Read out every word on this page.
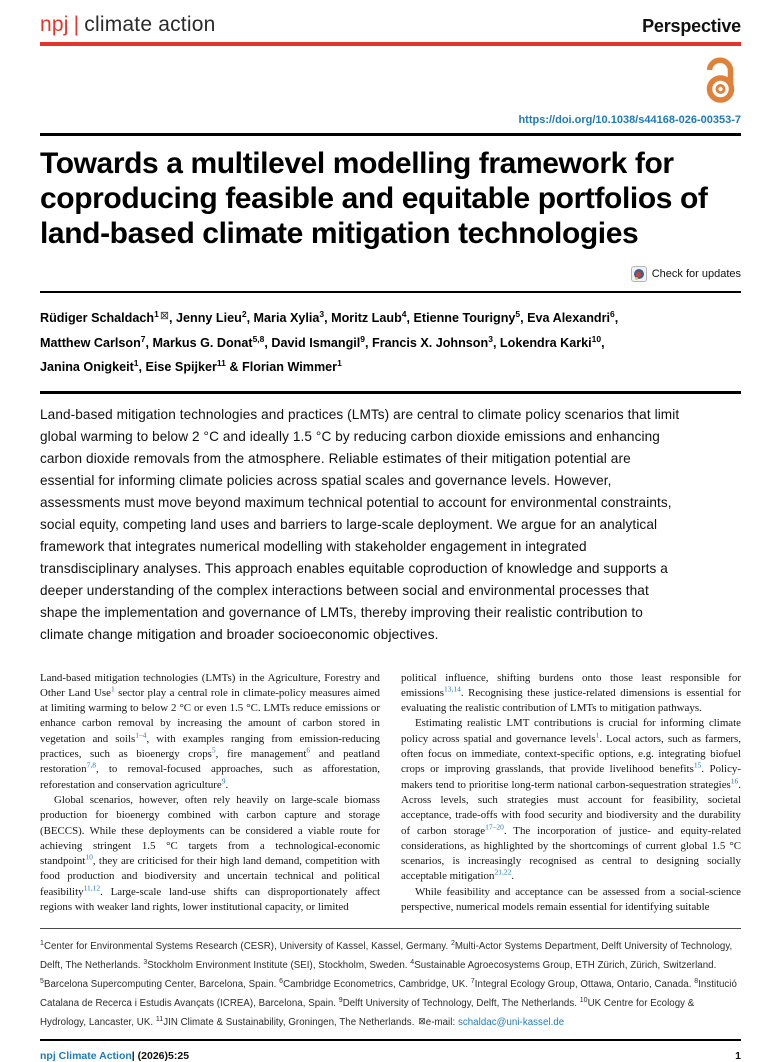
npj | climate action	Perspective
https://doi.org/10.1038/s44168-026-00353-7
Towards a multilevel modelling framework for coproducing feasible and equitable portfolios of land-based climate mitigation technologies
Check for updates
Rüdiger Schaldach$^1$⊠, Jenny Lieu$^2$, Maria Xylia$^3$, Moritz Laub$^4$, Etienne Tourigny$^5$, Eva Alexandri$^6$,
Matthew Carlson$^7$, Markus G. Donat$^{5,8}$, David Ismangil$^9$, Francis X. Johnson$^3$, Lokendra Karki$^{10}$,
Janina Onigkeit$^1$, Eise Spijker$^{11}$ & Florian Wimmer$^1$
Land-based mitigation technologies and practices (LMTs) are central to climate policy scenarios that limit global warming to below 2 °C and ideally 1.5 °C by reducing carbon dioxide emissions and enhancing carbon dioxide removals from the atmosphere. Reliable estimates of their mitigation potential are essential for informing climate policies across spatial scales and governance levels. However, assessments must move beyond maximum technical potential to account for environmental constraints, social equity, competing land uses and barriers to large-scale deployment. We argue for an analytical framework that integrates numerical modelling with stakeholder engagement in integrated transdisciplinary analyses. This approach enables equitable coproduction of knowledge and supports a deeper understanding of the complex interactions between social and environmental processes that shape the implementation and governance of LMTs, thereby improving their realistic contribution to climate change mitigation and broader socioeconomic objectives.

Land-based mitigation technologies (LMTs) in the Agriculture, Forestry and Other Land Use$^1$ sector play a central role in climate-policy measures aimed at limiting warming to below 2 °C or even 1.5 °C. LMTs reduce emissions or enhance carbon removal by increasing the amount of carbon stored in vegetation and soils$^{1-4}$, with examples ranging from emission-reducing practices, such as bioenergy crops$^5$, fire management$^6$ and peatland restoration$^{7,8}$, to removal-focused approaches, such as afforestation, reforestation and conservation agriculture$^9$.

Global scenarios, however, often rely heavily on large-scale biomass production for bioenergy combined with carbon capture and storage (BECCS). While these deployments can be considered a viable route for achieving stringent 1.5 °C targets from a technological-economic standpoint$^{10}$, they are criticised for their high land demand, competition with food production and biodiversity and uncertain technical and political feasibility$^{11,12}$. Large-scale land-use shifts can disproportionately affect regions with weaker land rights, lower institutional capacity, or limited

political influence, shifting burdens onto those least responsible for emissions$^{13,14}$. Recognising these justice-related dimensions is essential for evaluating the realistic contribution of LMTs to mitigation pathways.

Estimating realistic LMT contributions is crucial for informing climate policy across spatial and governance levels$^1$. Local actors, such as farmers, often focus on immediate, context-specific options, e.g. integrating biofuel crops or improving grasslands, that provide livelihood benefits$^{15}$. Policy-makers tend to prioritise long-term national carbon-sequestration strategies$^{16}$. Across levels, such strategies must account for feasibility, societal acceptance, trade-offs with food security and biodiversity and the durability of carbon storage$^{17-20}$. The incorporation of justice- and equity-related considerations, as highlighted by the shortcomings of current global 1.5 °C scenarios, is increasingly recognised as central to designing socially acceptable mitigation$^{21,22}$.

While feasibility and acceptance can be assessed from a social-science perspective, numerical models remain essential for identifying suitable

$^1$Center for Environmental Systems Research (CESR), University of Kassel, Kassel, Germany. $^2$Multi-Actor Systems Department, Delft University of Technology, Delft, The Netherlands. $^3$Stockholm Environment Institute (SEI), Stockholm, Sweden. $^4$Sustainable Agroecosystems Group, ETH Zürich, Zürich, Switzerland. $^5$Barcelona Supercomputing Center, Barcelona, Spain. $^6$Cambridge Econometrics, Cambridge, UK. $^7$Integral Ecology Group, Ottawa, Ontario, Canada. $^8$Institució Catalana de Recerca i Estudis Avançats (ICREA), Barcelona, Spain. $^9$Delft University of Technology, Delft, The Netherlands. $^{10}$UK Centre for Ecology & Hydrology, Lancaster, UK. $^{11}$JIN Climate & Sustainability, Groningen, The Netherlands. ⊠e-mail: schaldac@uni-kassel.de
npj Climate Action| (2026)5:25	1
